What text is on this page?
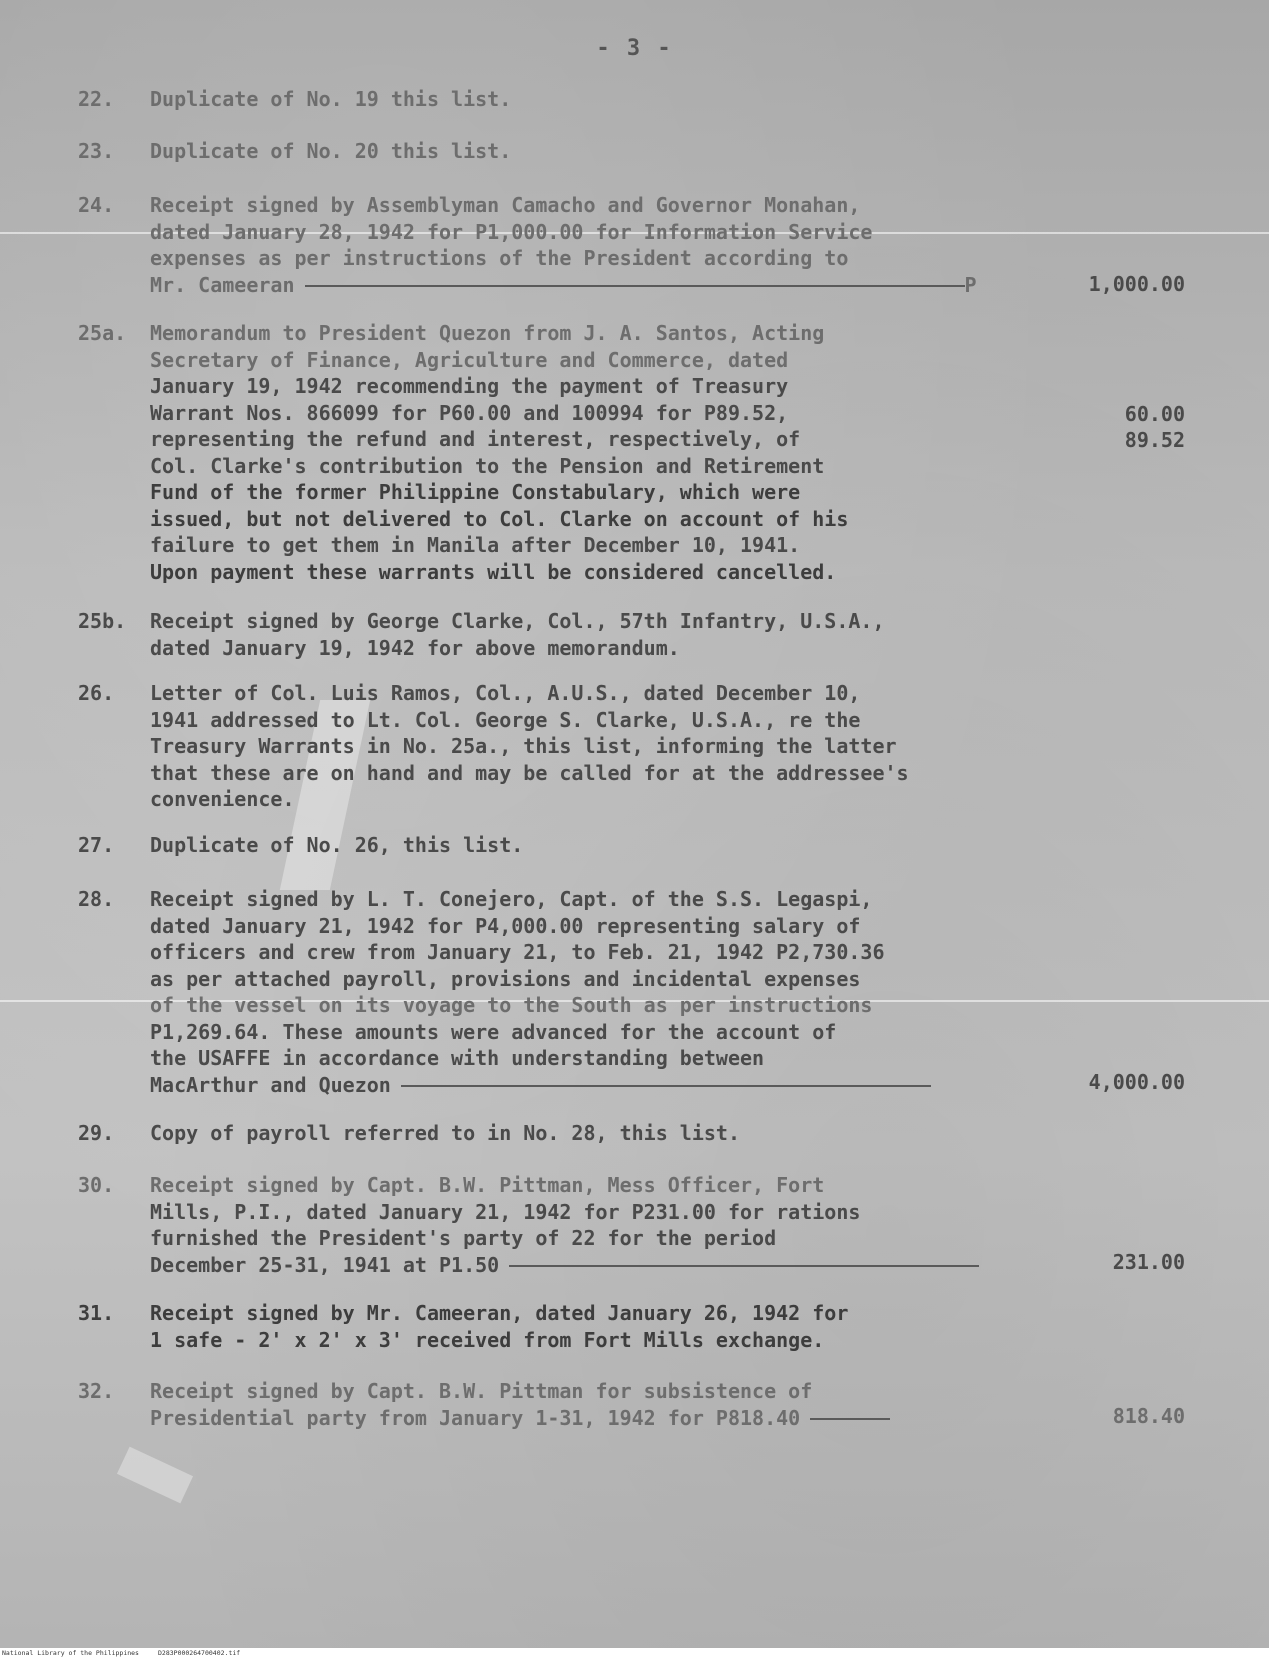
- 3 -
22.	Duplicate of No. 19 this list.
23.	Duplicate of No. 20 this list.
24.	Receipt signed by Assemblyman Camacho and Governor Monahan,
dated January 28, 1942 for P1,000.00 for Information Service
expenses as per instructions of the President according to
Mr. Cameeran	P	1,000.00
25a.	Memorandum to President Quezon from J. A. Santos, Acting
Secretary of Finance, Agriculture and Commerce, dated
January 19, 1942 recommending the payment of Treasury
Warrant Nos. 866099 for P60.00 and 100994 for P89.52,
representing the refund and interest, respectively, of
Col. Clarke's contribution to the Pension and Retirement
Fund of the former Philippine Constabulary, which were
issued, but not delivered to Col. Clarke on account of his
failure to get them in Manila after December 10, 1941.
Upon payment these warrants will be considered cancelled.
60.00
89.52
25b.	Receipt signed by George Clarke, Col., 57th Infantry, U.S.A.,
dated January 19, 1942 for above memorandum.
26.	Letter of Col. Luis Ramos, Col., A.U.S., dated December 10,
1941 addressed to Lt. Col. George S. Clarke, U.S.A., re the
Treasury Warrants in No. 25a., this list, informing the latter
that these are on hand and may be called for at the addressee's
convenience.
27.	Duplicate of No. 26, this list.
28.	Receipt signed by L. T. Conejero, Capt. of the S.S. Legaspi,
dated January 21, 1942 for P4,000.00 representing salary of
officers and crew from January 21, to Feb. 21, 1942 P2,730.36
as per attached payroll, provisions and incidental expenses
of the vessel on its voyage to the South as per instructions
P1,269.64. These amounts were advanced for the account of
the USAFFE in accordance with understanding between
MacArthur and Quezon	4,000.00
29.	Copy of payroll referred to in No. 28, this list.
30.	Receipt signed by Capt. B.W. Pittman, Mess Officer, Fort
Mills, P.I., dated January 21, 1942 for P231.00 for rations
furnished the President's party of 22 for the period
December 25-31, 1941 at P1.50	231.00
31.	Receipt signed by Mr. Cameeran, dated January 26, 1942 for
1 safe - 2' x 2' x 3' received from Fort Mills exchange.
32.	Receipt signed by Capt. B.W. Pittman for subsistence of
Presidential party from January 1-31, 1942 for P818.40	818.40
National Library of the Philippines	D283P000264700402.tif
